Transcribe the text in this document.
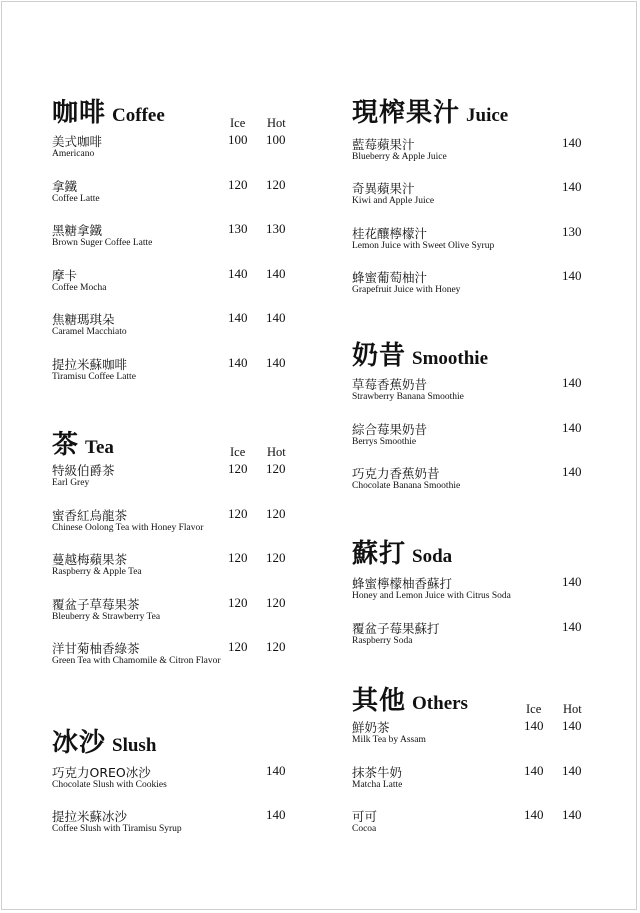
咖啡 Coffee	Ice Hot
美式咖啡
Americano
100 100
拿鐵
Coffee Latte
120 120
黑糖拿鐵
Brown Suger Coffee Latte
130 130
摩卡
Coffee Mocha
140 140
焦糖瑪琪朵
Caramel Macchiato
140 140
提拉米蘇咖啡
Tiramisu Coffee Latte
140 140
茶 Tea	Ice Hot
特級伯爵茶
Earl Grey
120 120
蜜香紅烏龍茶
Chinese Oolong Tea with Honey Flavor
120 120
蔓越梅蘋果茶
Raspberry & Apple Tea
120 120
覆盆子草莓果茶
Bleuberry & Strawberry Tea
120 120
洋甘菊柚香綠茶
Green Tea with Chamomile & Citron Flavor
120 120
冰沙 Slush
巧克力OREO冰沙
Chocolate Slush with Cookies
140
提拉米蘇冰沙
Coffee Slush with Tiramisu Syrup
140
現榨果汁 Juice
藍莓蘋果汁
Blueberry & Apple Juice
140
奇異蘋果汁
Kiwi and Apple Juice
140
桂花釀檸檬汁
Lemon Juice with Sweet Olive Syrup
130
蜂蜜葡萄柚汁
Grapefruit Juice with Honey
140
奶昔 Smoothie
草莓香蕉奶昔
Strawberry Banana Smoothie
140
綜合莓果奶昔
Berrys Smoothie
140
巧克力香蕉奶昔
Chocolate Banana Smoothie
140
蘇打 Soda
蜂蜜檸檬柚香蘇打
Honey and Lemon Juice with Citrus Soda
140
覆盆子莓果蘇打
Raspberry Soda
140
其他 Others	Ice Hot
鮮奶茶
Milk Tea by Assam
140 140
抹茶牛奶
Matcha Latte
140 140
可可
Cocoa
140 140
